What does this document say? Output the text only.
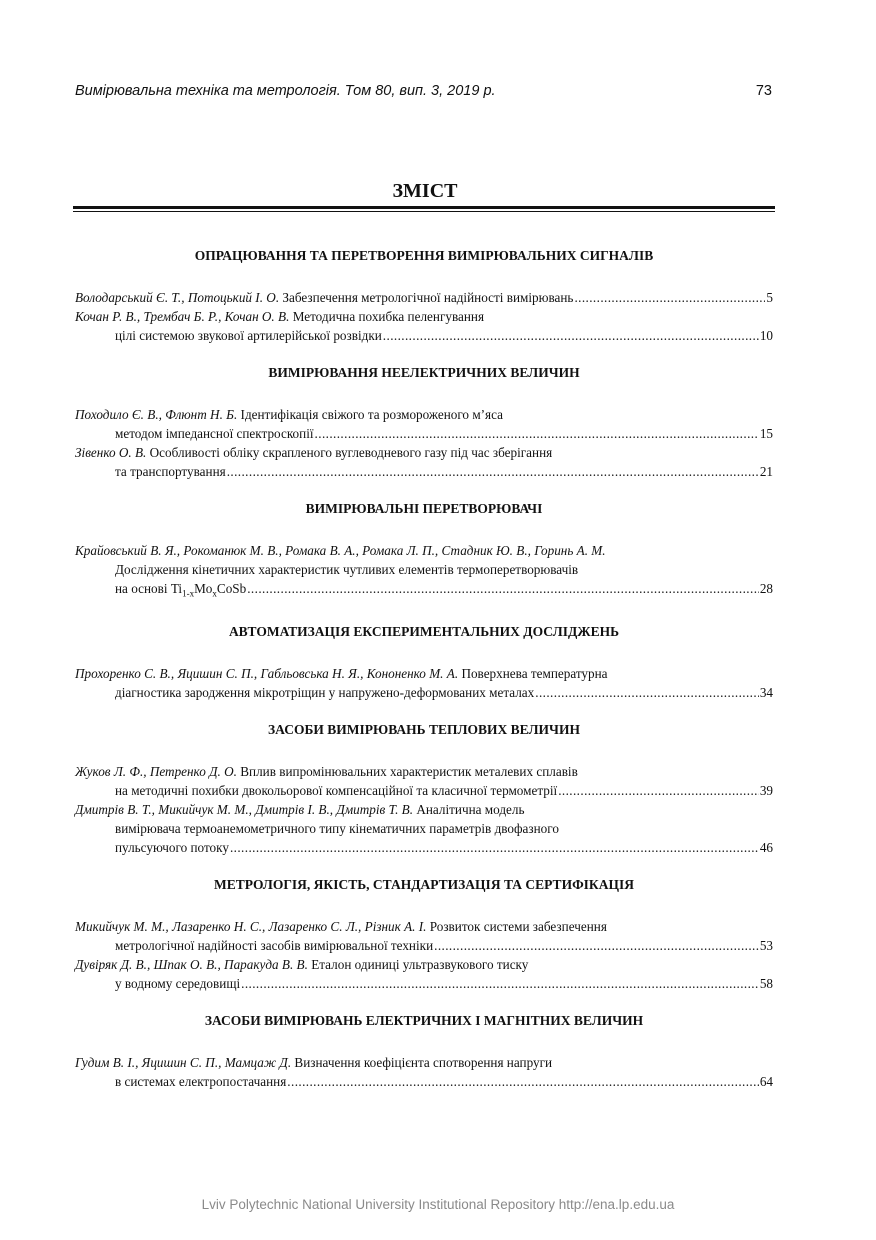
Вимірювальна техніка та метрологія. Том 80, вип. 3, 2019 р.	73
ЗМІСТ
ОПРАЦЮВАННЯ ТА ПЕРЕТВОРЕННЯ ВИМІРЮВАЛЬНИХ СИГНАЛІВ
Володарський Є. Т., Потоцький І. О. Забезпечення метрологічної надійності вимірювань .....	5
Кочан Р. В., Трембач Б. Р., Кочан О. В. Методична похибка пеленгування
цілі системою звукової артилерійської розвідки .....	10
ВИМІРЮВАННЯ НЕЕЛЕКТРИЧНИХ ВЕЛИЧИН
Походило Є. В., Флюнт Н. Б. Ідентифікація свіжого та розмороженого м’яса
методом імпедансної спектроскопії .....	15
Зівенко О. В. Особливості обліку скрапленого вуглеводневого газу під час зберігання
та транспортування .....	21
ВИМІРЮВАЛЬНІ ПЕРЕТВОРЮВАЧІ
Крайовський В. Я., Рокоманюк М. В., Ромака В. А., Ромака Л. П., Стадник Ю. В., Горинь А. М.
Дослідження кінетичних характеристик чутливих елементів термоперетворювачів
на основі $Ti_{1-x}Mo_xCoSb$ .....	28
АВТОМАТИЗАЦІЯ ЕКСПЕРИМЕНТАЛЬНИХ ДОСЛІДЖЕНЬ
Прохоренко С. В., Яцишин С. П., Габльовська Н. Я., Кононенко М. А. Поверхнева температурна
діагностика зародження мікротріщин у напружено-деформованих металах .....	34
ЗАСОБИ ВИМІРЮВАНЬ ТЕПЛОВИХ ВЕЛИЧИН
Жуков Л. Ф., Петренко Д. О. Вплив випромінювальних характеристик металевих сплавів
на методичні похибки двокольорової компенсаційної та класичної термометрії .....	39
Дмитрів В. Т., Микийчук М. М., Дмитрів І. В., Дмитрів Т. В. Аналітична модель
вимірювача термоанемометричного типу кінематичних параметрів двофазного
пульсуючого потоку .....	46
МЕТРОЛОГІЯ, ЯКІСТЬ, СТАНДАРТИЗАЦІЯ ТА СЕРТИФІКАЦІЯ
Микийчук М. М., Лазаренко Н. С., Лазаренко С. Л., Різник А. І. Розвиток системи забезпечення
метрологічної надійності засобів вимірювальної техніки .....	53
Дувіряк Д. В., Шпак О. В., Паракуда В. В. Еталон одиниці ультразвукового тиску
у водному середовищі .....	58
ЗАСОБИ ВИМІРЮВАНЬ ЕЛЕКТРИЧНИХ І МАГНІТНИХ ВЕЛИЧИН
Гудим В. І., Яцишин С. П., Мамцаж Д. Визначення коефіцієнта спотворення напруги
в системах електропостачання .....	64
Lviv Polytechnic National University Institutional Repository http://ena.lp.edu.ua
